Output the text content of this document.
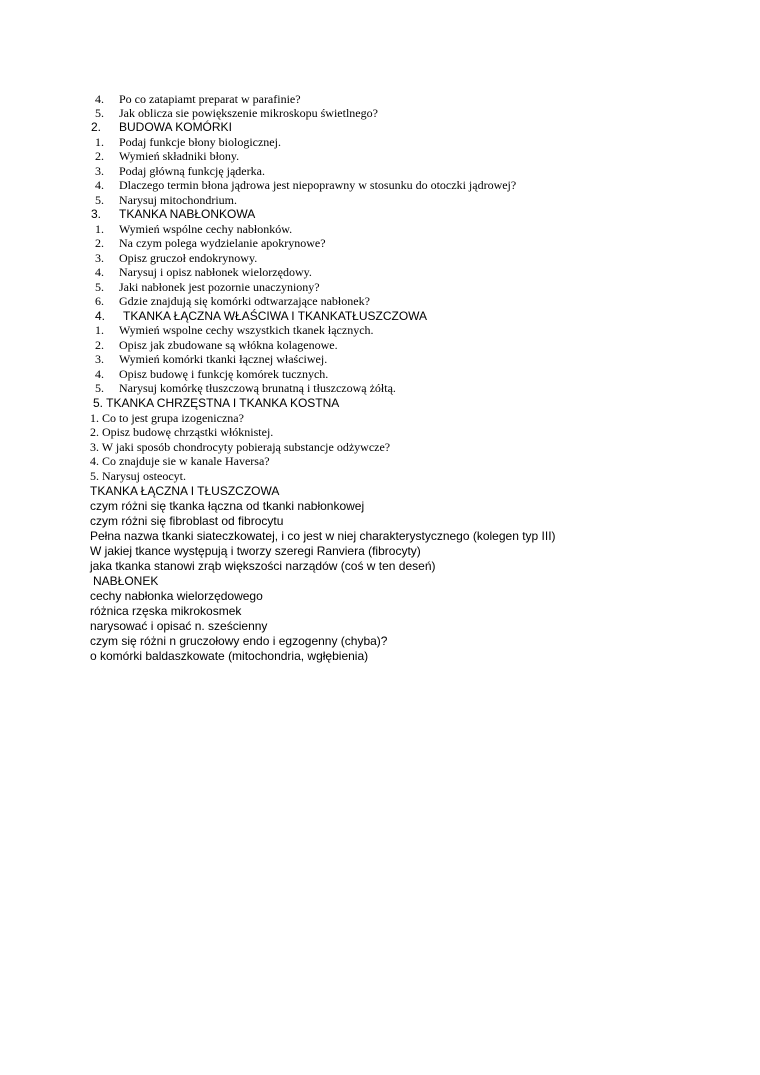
4. Po co zatapiamt preparat w parafinie?
5. Jak oblicza sie powiększenie mikroskopu świetlnego?
2. BUDOWA KOMÓRKI
1. Podaj funkcje błony biologicznej.
2. Wymień składniki błony.
3. Podaj główną funkcję jąderka.
4. Dlaczego termin błona jądrowa jest niepoprawny w stosunku do otoczki jądrowej?
5. Narysuj mitochondrium.
3. TKANKA NABŁONKOWA
1. Wymień wspólne cechy nabłonków.
2. Na czym polega wydzielanie apokrynowe?
3. Opisz gruczoł endokrynowy.
4. Narysuj i opisz nabłonek wielorzędowy.
5. Jaki nabłonek jest pozornie unaczyniony?
6. Gdzie znajdują się komórki odtwarzające nabłonek?
4. TKANKA ŁĄCZNA WŁAŚCIWA I TKANKATŁUSZCZOWA
1. Wymień wspolne cechy wszystkich tkanek łącznych.
2. Opisz jak zbudowane są włókna kolagenowe.
3. Wymień komórki tkanki łącznej właściwej.
4. Opisz budowę i funkcję komórek tucznych.
5. Narysuj komórkę tłuszczową brunatną i tłuszczową żółtą.
5. TKANKA CHRZĘSTNA I TKANKA KOSTNA
1. Co to jest grupa izogeniczna?
2. Opisz budowę chrząstki włóknistej.
3. W jaki sposób chondrocyty pobierają substancje odżywcze?
4. Co znajduje sie w kanale Haversa?
5. Narysuj osteocyt.
TKANKA ŁĄCZNA I TŁUSZCZOWA
czym różni się tkanka łączna od tkanki nabłonkowej
czym różni się fibroblast od fibrocytu
Pełna nazwa tkanki siateczkowatej, i co jest w niej charakterystycznego (kolegen typ III)
W jakiej tkance występują i tworzy szeregi Ranviera (fibrocyty)
jaka tkanka stanowi zrąb większości narządów (coś w ten deseń)
NABŁONEK
cechy nabłonka wielorzędowego
różnica rzęska mikrokosmek
narysować i opisać n. sześcienny
czym się różni n gruczołowy endo i egzogenny (chyba)?
o komórki baldaszkowate (mitochondria, wgłębienia)
